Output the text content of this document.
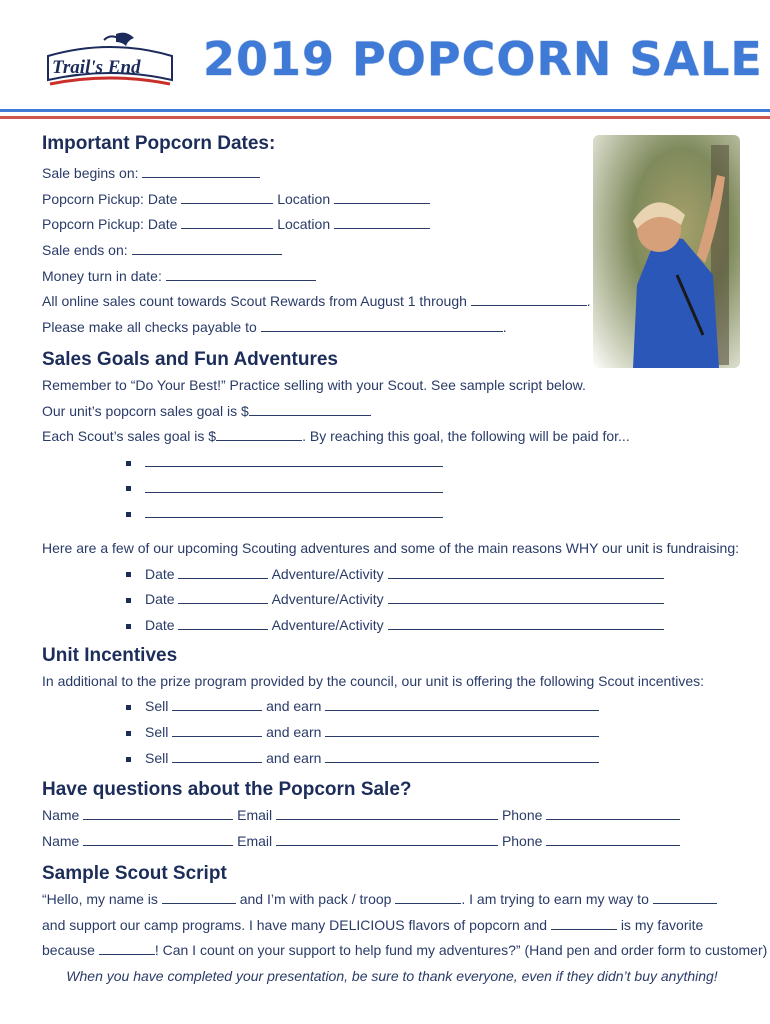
Trail's End 2019 POPCORN SALE
Important Popcorn Dates:
Sale begins on:
Popcorn Pickup: Date	Location
Popcorn Pickup: Date	Location
Sale ends on:
Money turn in date:
All online sales count towards Scout Rewards from August 1 through	.
Please make all checks payable to	.
Sales Goals and Fun Adventures
Remember to “Do Your Best!” Practice selling with your Scout. See sample script below.
Our unit’s popcorn sales goal is $
Each Scout’s sales goal is $	. By reaching this goal, the following will be paid for...
Here are a few of our upcoming Scouting adventures and some of the main reasons WHY our unit is fundraising:
Date	Adventure/Activity
Date	Adventure/Activity
Date	Adventure/Activity
Unit Incentives
In additional to the prize program provided by the council, our unit is offering the following Scout incentives:
Sell	and earn
Sell	and earn
Sell	and earn
Have questions about the Popcorn Sale?
Name	Email	Phone
Name	Email	Phone
Sample Scout Script
“Hello, my name is	and I’m with pack / troop	. I am trying to earn my way to
and support our camp programs. I have many DELICIOUS flavors of popcorn and	is my favorite
because	! Can I count on your support to help fund my adventures?” (Hand pen and order form to customer)
When you have completed your presentation, be sure to thank everyone, even if they didn’t buy anything!
